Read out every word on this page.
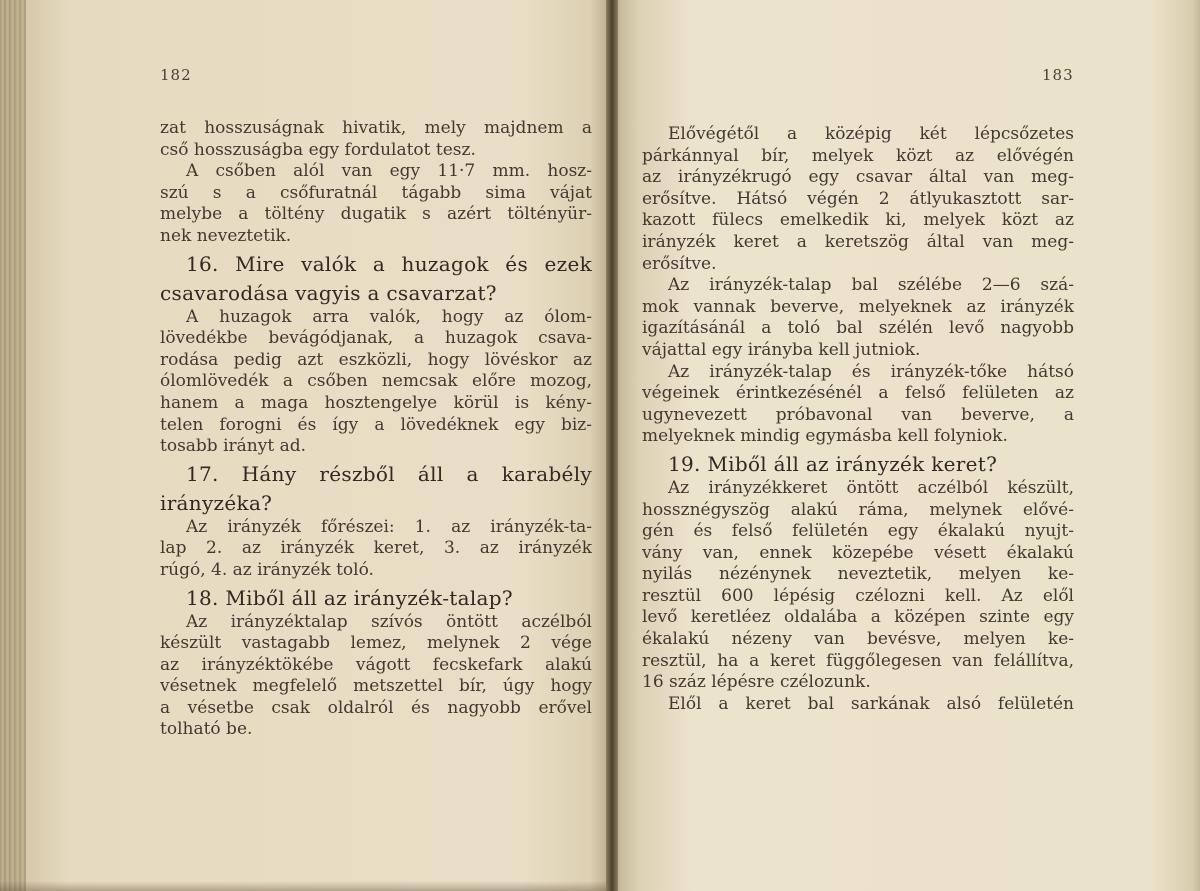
182
zat hosszuságnak hivatik, mely majdnem a
cső hosszuságba egy fordulatot tesz.
A csőben alól van egy 11·7 mm. hosz-
szú s a csőfuratnál tágabb sima vájat
melybe a töltény dugatik s azért töltényür-
nek neveztetik.
16. Mire valók a huzagok és ezek
csavarodása vagyis a csavarzat?
A huzagok arra valók, hogy az ólom-
lövedékbe bevágódjanak, a huzagok csava-
rodása pedig azt eszközli, hogy lövéskor az
ólomlövedék a csőben nemcsak előre mozog,
hanem a maga hosztengelye körül is kény-
telen forogni és így a lövedéknek egy biz-
tosabb irányt ad.
17. Hány részből áll a karabély
irányzéka?
Az irányzék főrészei: 1. az irányzék-ta-
lap 2. az irányzék keret, 3. az irányzék
rúgó, 4. az irányzék toló.
18. Miből áll az irányzék-talap?
Az irányzéktalap szívós öntött aczélból
készült vastagabb lemez, melynek 2 vége
az irányzéktökébe vágott fecskefark alakú
vésetnek megfelelő metszettel bír, úgy hogy
a vésetbe csak oldalról és nagyobb erővel
tolható be.
183
Elővégétől a középig két lépcsőzetes
párkánnyal bír, melyek közt az elővégén
az irányzékrugó egy csavar által van meg-
erősítve. Hátsó végén 2 átlyukasztott sar-
kazott fülecs emelkedik ki, melyek közt az
irányzék keret a keretszög által van meg-
erősítve.
Az irányzék-talap bal szélébe 2—6 szá-
mok vannak beverve, melyeknek az irányzék
igazításánál a toló bal szélén levő nagyobb
vájattal egy irányba kell jutniok.
Az irányzék-talap és irányzék-tőke hátsó
végeinek érintkezésénél a felső felületen az
ugynevezett próbavonal van beverve, a
melyeknek mindig egymásba kell folyniok.
19. Miből áll az irányzék keret?
Az irányzékkeret öntött aczélból készült,
hossznégyszög alakú ráma, melynek elővé-
gén és felső felületén egy ékalakú nyujt-
vány van, ennek közepébe vésett ékalakú
nyilás nézénynek neveztetik, melyen ke-
resztül 600 lépésig czélozni kell. Az elől
levő keretléez oldalába a középen szinte egy
ékalakú nézeny van bevésve, melyen ke-
resztül, ha a keret függőlegesen van felállítva,
16 száz lépésre czélozunk.
Elől a keret bal sarkának alsó felületén
